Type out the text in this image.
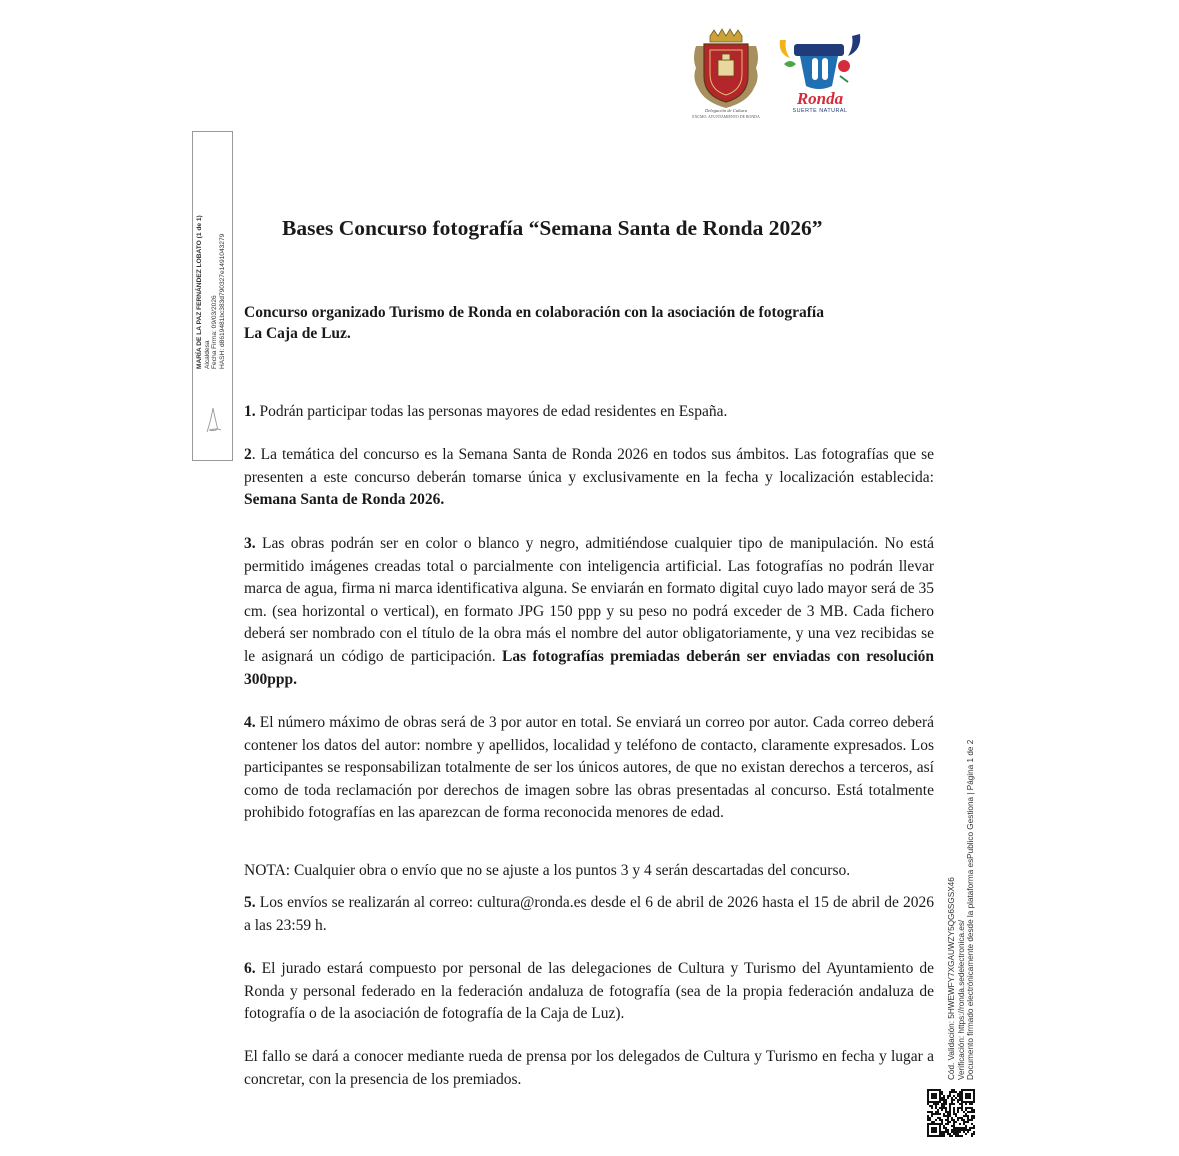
Delegación de Cultura
EXCMO. AYUNTAMIENTO DE RONDA
Ronda
SUERTE NATURAL
MARÍA DE LA PAZ FERNÁNDEZ LOBATO (1 de 1) Alcaldesa Fecha Firma: 09/03/2026 HASH: d8619481bc383d790327e1491043279
Bases Concurso fotografía “Semana Santa de Ronda 2026”
Concurso organizado Turismo de Ronda en colaboración con la asociación de fotografía
La Caja de Luz.
1. Podrán participar todas las personas mayores de edad residentes en España.
2. La temática del concurso es la Semana Santa de Ronda 2026 en todos sus ámbitos. Las fotografías que se presenten a este concurso deberán tomarse única y exclusivamente en la fecha y localización establecida: Semana Santa de Ronda 2026.
3. Las obras podrán ser en color o blanco y negro, admitiéndose cualquier tipo de manipulación. No está permitido imágenes creadas total o parcialmente con inteligencia artificial. Las fotografías no podrán llevar marca de agua, firma ni marca identificativa alguna. Se enviarán en formato digital cuyo lado mayor será de 35 cm. (sea horizontal o vertical), en formato JPG 150 ppp y su peso no podrá exceder de 3 MB. Cada fichero deberá ser nombrado con el título de la obra más el nombre del autor obligatoriamente, y una vez recibidas se le asignará un código de participación. Las fotografías premiadas deberán ser enviadas con resolución 300ppp.
4. El número máximo de obras será de 3 por autor en total. Se enviará un correo por autor. Cada correo deberá contener los datos del autor: nombre y apellidos, localidad y teléfono de contacto, claramente expresados. Los participantes se responsabilizan totalmente de ser los únicos autores, de que no existan derechos a terceros, así como de toda reclamación por derechos de imagen sobre las obras presentadas al concurso. Está totalmente prohibido fotografías en las aparezcan de forma reconocida menores de edad.
NOTA: Cualquier obra o envío que no se ajuste a los puntos 3 y 4 serán descartadas del concurso.
5. Los envíos se realizarán al correo: cultura@ronda.es desde el 6 de abril de 2026 hasta el 15 de abril de 2026 a las 23:59 h.
6. El jurado estará compuesto por personal de las delegaciones de Cultura y Turismo del Ayuntamiento de Ronda y personal federado en la federación andaluza de fotografía (sea de la propia federación andaluza de fotografía o de la asociación de fotografía de la Caja de Luz).
El fallo se dará a conocer mediante rueda de prensa por los delegados de Cultura y Turismo en fecha y lugar a concretar, con la presencia de los premiados.	Cód. Validación: 5HWEWFY7XGAUWZY5QG6SGSX46 Verificación: https://ronda.sedelectronica.es/ Documento firmado electrónicamente desde la plataforma esPublico Gestiona | Página 1 de 2
